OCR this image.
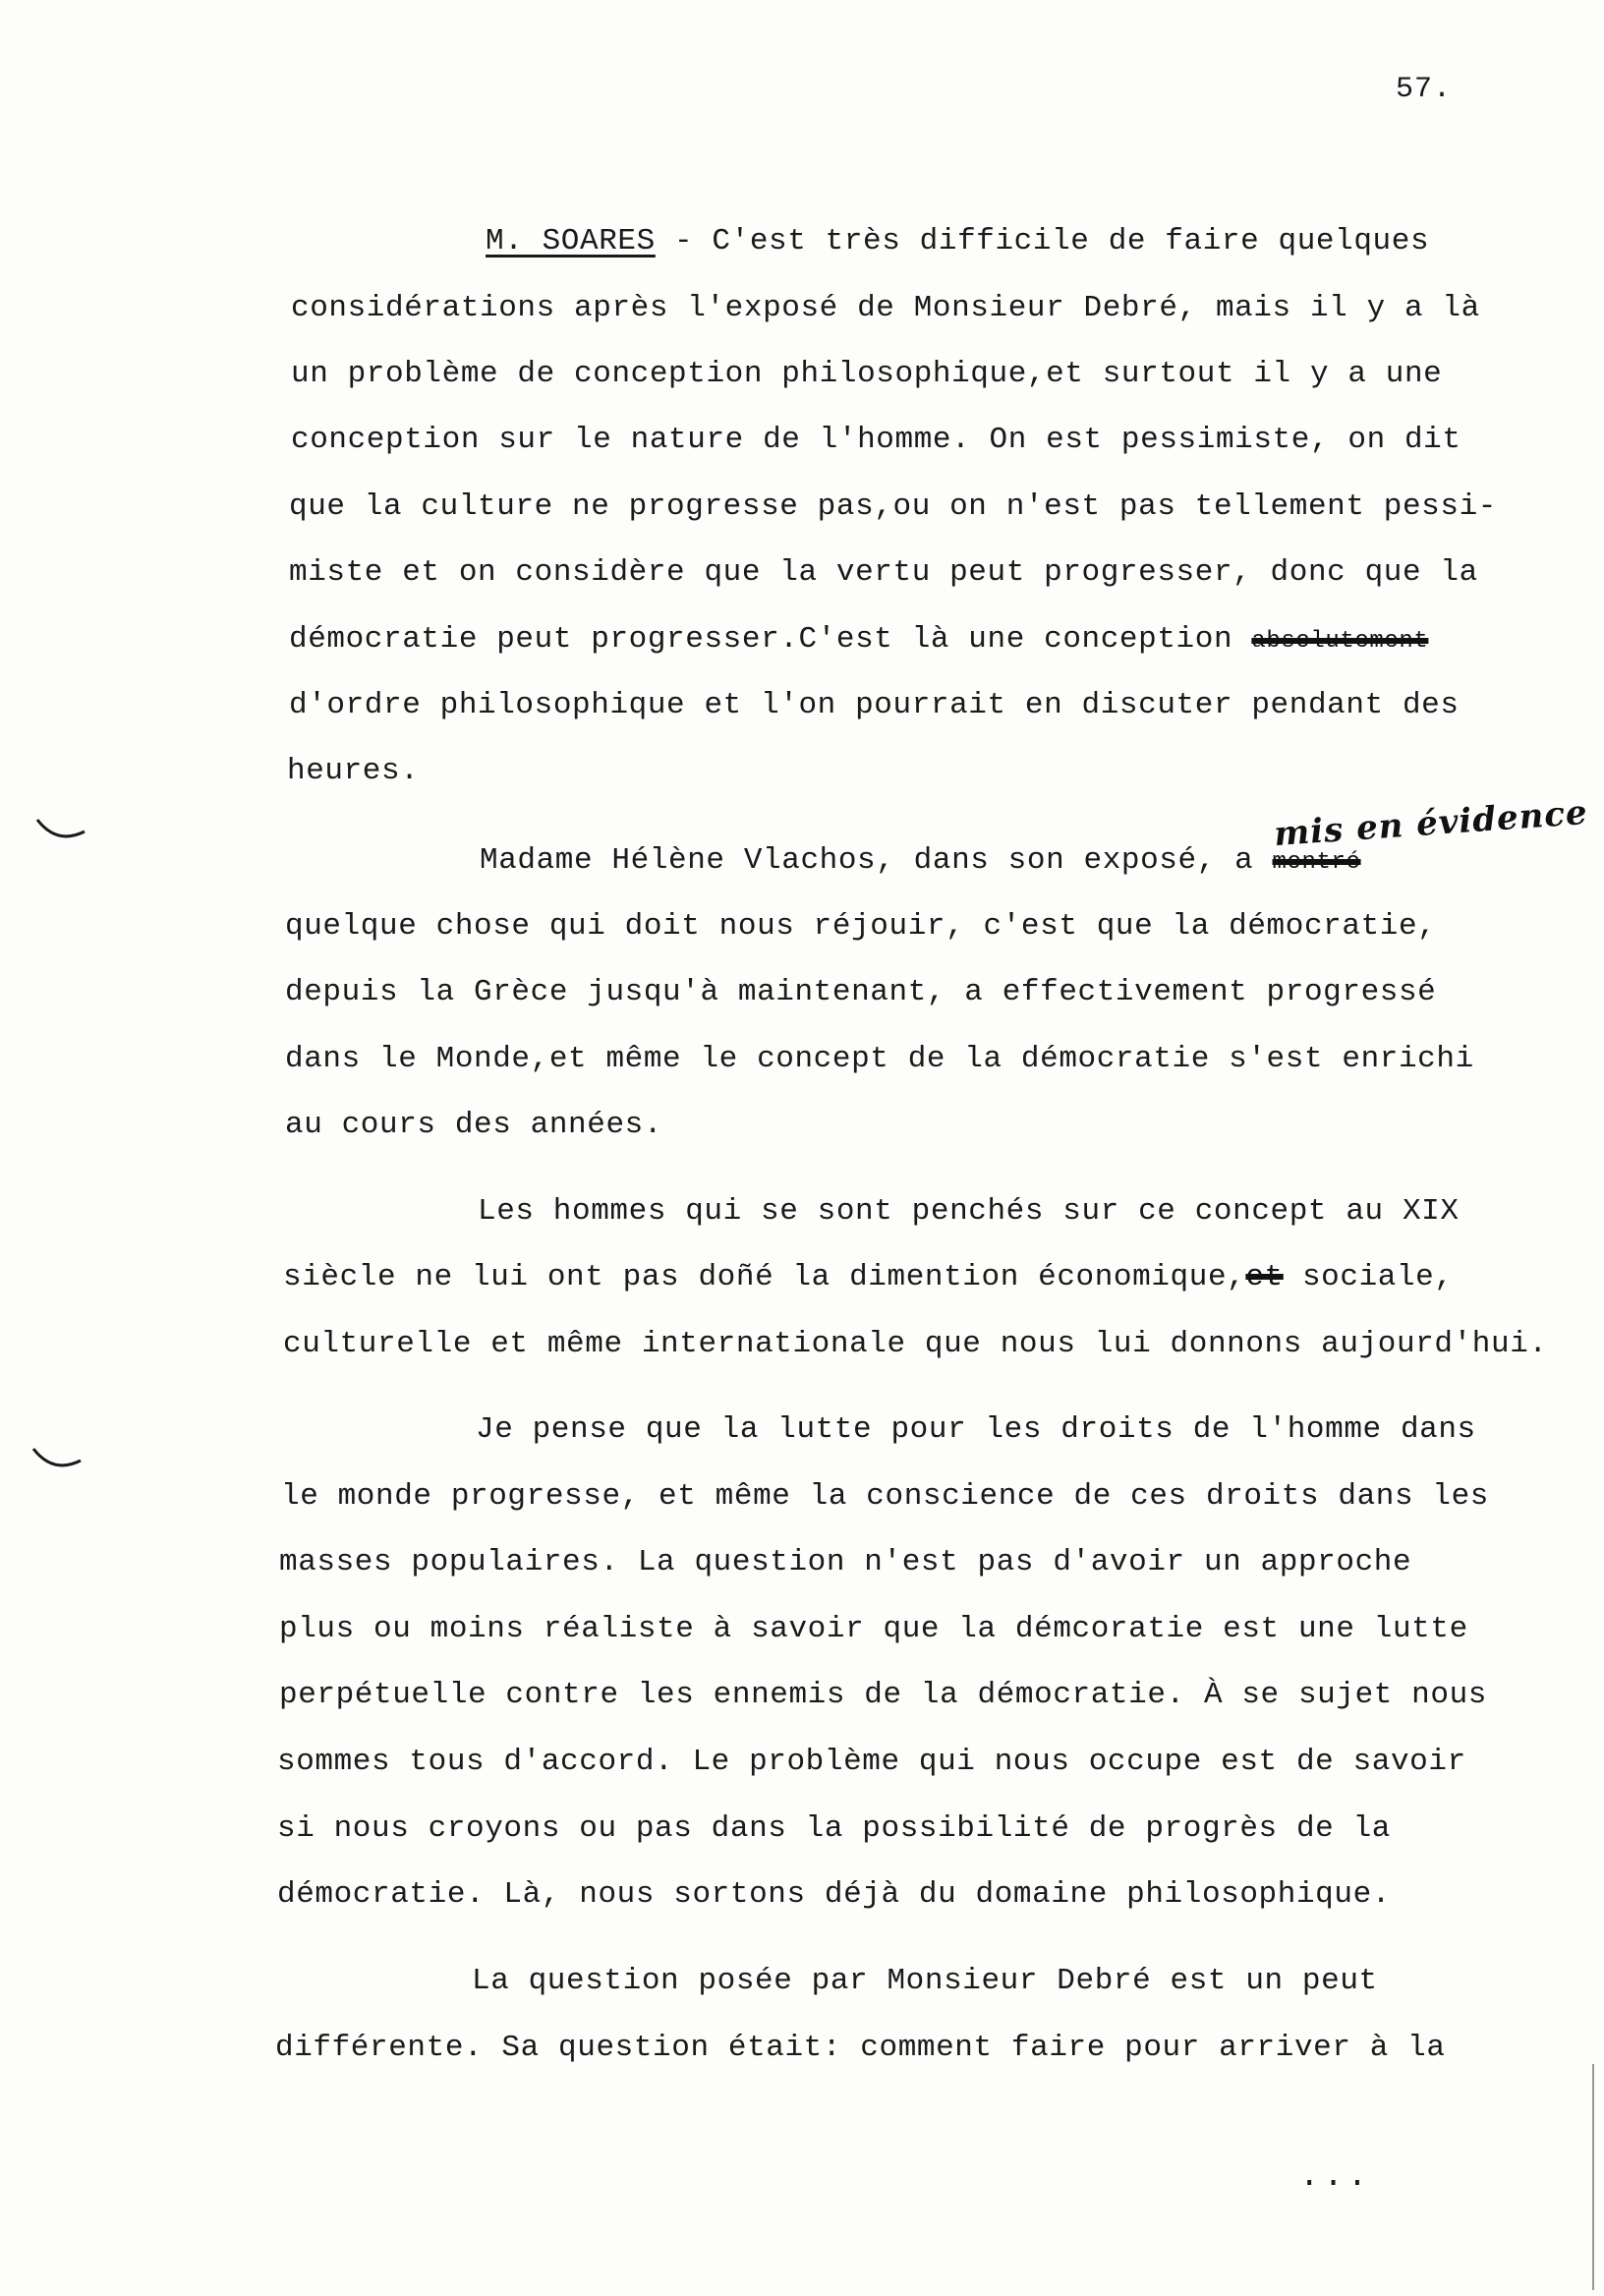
57.
M. SOARES - C'est très difficile de faire quelques
considérations après l'exposé de Monsieur Debré, mais il y a là
un problème de conception philosophique,et surtout il y a une
conception sur le nature de l'homme. On est pessimiste, on dit
que la culture ne progresse pas,ou on n'est pas tellement pessi-
miste et on considère que la vertu peut progresser, donc que la
démocratie peut progresser.C'est là une conception absolutement
d'ordre philosophique et l'on pourrait en discuter pendant des
heures.
mis en évidence
Madame Hélène Vlachos, dans son exposé, a montré
quelque chose qui doit nous réjouir, c'est que la démocratie,
depuis la Grèce jusqu'à maintenant, a effectivement progressé
dans le Monde,et même le concept de la démocratie s'est enrichi
au cours des années.
Les hommes qui se sont penchés sur ce concept au XIX
siècle ne lui ont pas doñé la dimention économique,et sociale,
culturelle et même internationale que nous lui donnons aujourd'hui.
Je pense que la lutte pour les droits de l'homme dans
le monde progresse, et même la conscience de ces droits dans les
masses populaires. La question n'est pas d'avoir un approche
plus ou moins réaliste à savoir que la démcoratie est une lutte
perpétuelle contre les ennemis de la démocratie. À se sujet nous
sommes tous d'accord. Le problème qui nous occupe est de savoir
si nous croyons ou pas dans la possibilité de progrès de la
démocratie. Là, nous sortons déjà du domaine philosophique.
La question posée par Monsieur Debré est un peut
différente. Sa question était: comment faire pour arriver à la
...
